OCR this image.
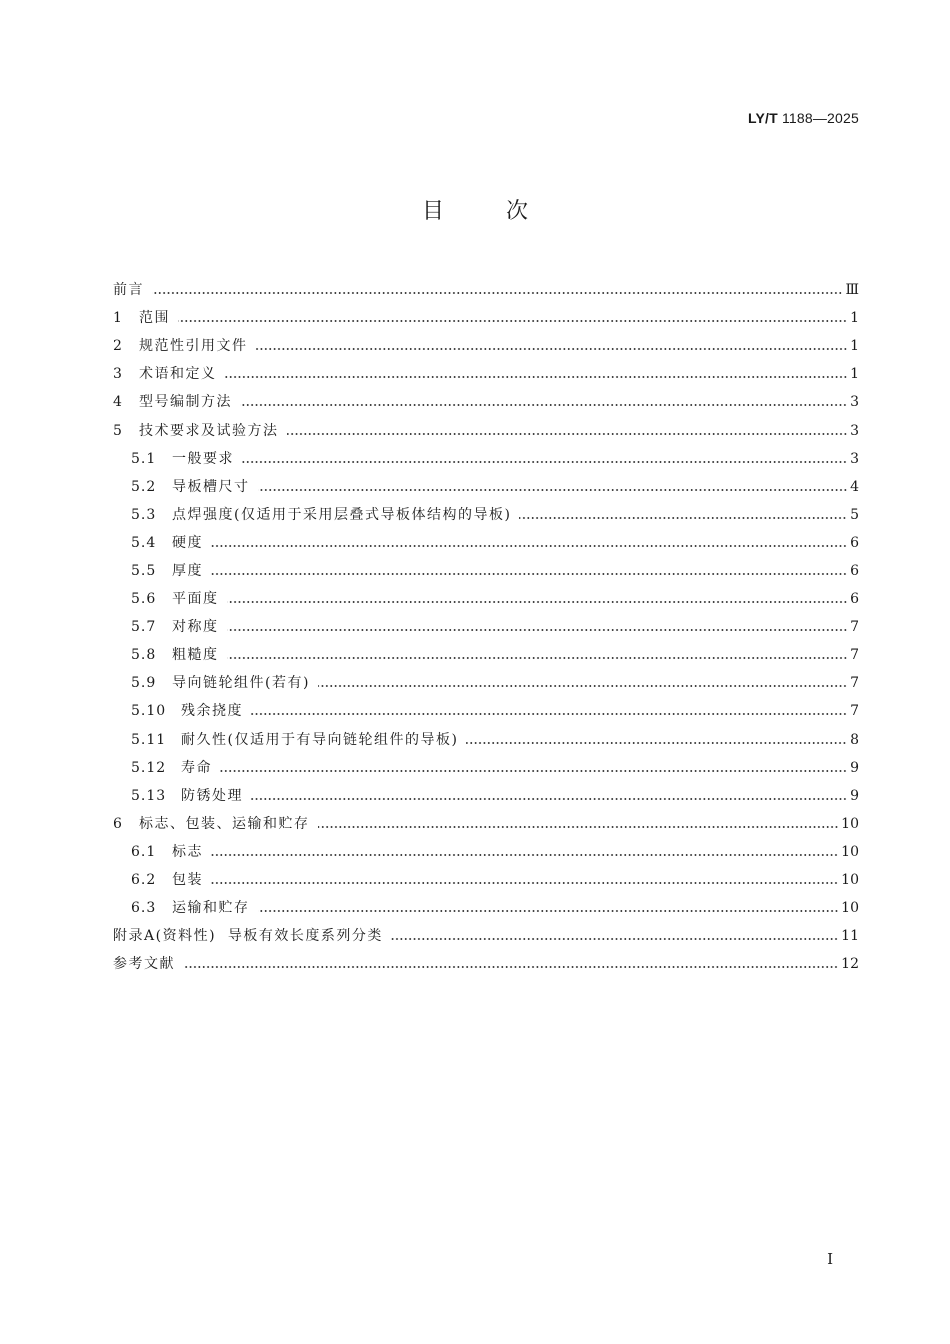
LY/T 1188—2025
目	次
前言	Ⅲ
1	范围	1
2	规范性引用文件	1
3	术语和定义	1
4	型号编制方法	3
5	技术要求及试验方法	3
5.1	一般要求	3
5.2	导板槽尺寸	4
5.3	点焊强度(仅适用于采用层叠式导板体结构的导板)	5
5.4	硬度	6
5.5	厚度	6
5.6	平面度	6
5.7	对称度	7
5.8	粗糙度	7
5.9	导向链轮组件(若有)	7
5.10	残余挠度	7
5.11	耐久性(仅适用于有导向链轮组件的导板)	8
5.12	寿命	9
5.13	防锈处理	9
6	标志、包装、运输和贮存	10
6.1	标志	10
6.2	包装	10
6.3	运输和贮存	10
附录A(资料性)  导板有效长度系列分类	11
参考文献	12
I
